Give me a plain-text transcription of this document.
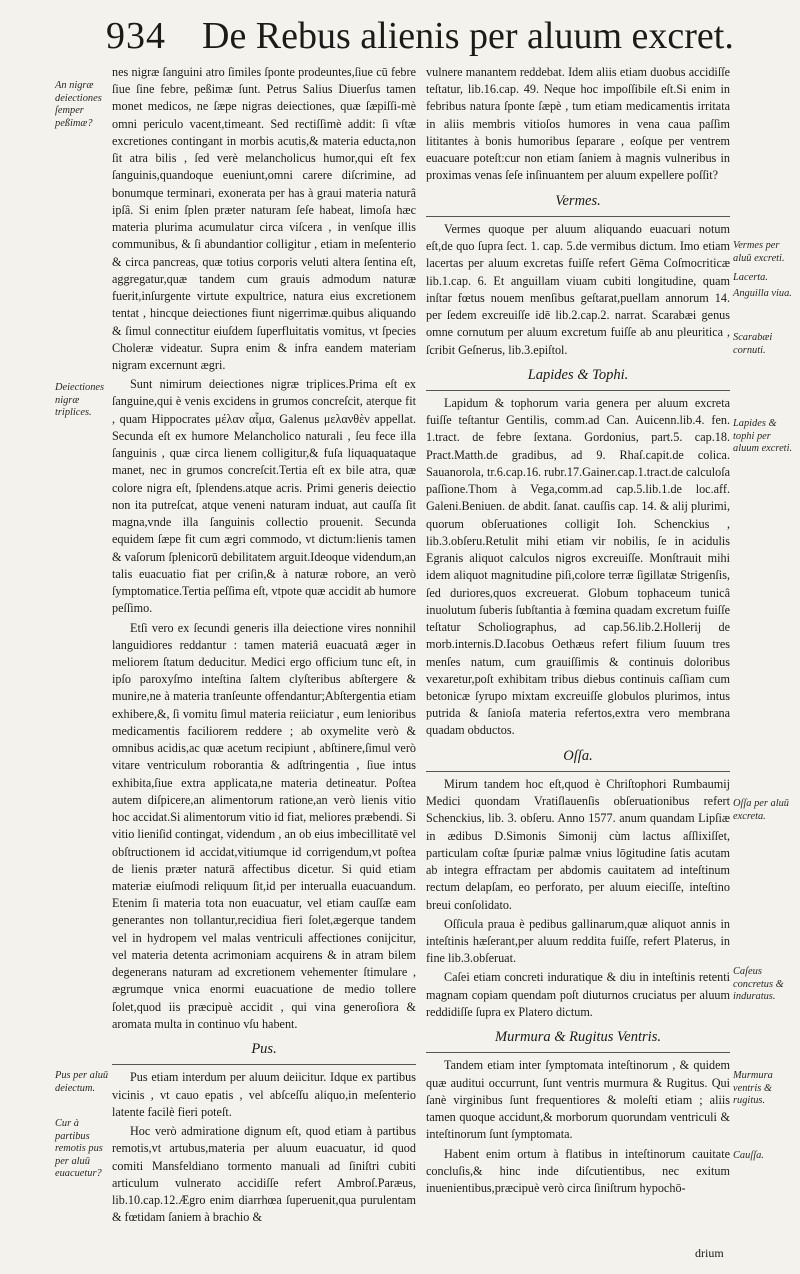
934 De Rebus alienis per aluum excret.
An nigræ deiectiones ſemper peßimæ?
Deiectiones nigræ triplices.
Pus per aluū deiectum.
Cur à partibus remotis pus per aluū euacuetur?
Vermes per aluū excreti.
Lacerta.
Anguilla viua.
Scarabæi cornuti.
Lapides & tophi per aluum excreti.
Oſſa per aluū excreta.
Caſeus concretus & induratus.
Murmura ventris & rugitus.
Cauſſa.

nes nigræ ſanguini atro ſimiles ſponte prodeuntes,ſiue cū febre ſiue ſine febre, peßimæ ſunt. Petrus Salius Diuerſus tamen monet medicos, ne ſæpe nigras deiectiones, quæ ſæpiſſi-mè omni periculo vacent,timeant. Sed rectiſſimè addit: ſi vſtæ excretiones contingant in morbis acutis,& materia educta,non ſit atra bilis , ſed verè melancholicus humor,qui eſt fex ſanguinis,quandoque eueniunt,omni carere diſcrimine, ad bonumque terminari, exonerata per has à graui materia naturâ ipſâ. Si enim ſplen præter naturam ſeſe habeat, limoſa hæc materia plurima acumulatur circa viſcera , in venſque illis communibus, & ſi abundantior colligitur , etiam in meſenterio & circa pancreas, quæ totius corporis veluti altera ſentina eſt, aggregatur,quæ tandem cum grauis admodum naturæ fuerit,inſurgente virtute expultrice, natura eius excretionem tentat , hincque deiectiones fiunt nigerrimæ.quibus aliquando & ſimul connectitur eiuſdem ſuperfluitatis vomitus, vt ſpecies Choleræ videatur. Supra enim & infra eandem materiam nigram excernunt ægri.

Sunt nimirum deiectiones nigræ triplices.Prima eſt ex ſanguine,qui è venis excidens in grumos concreſcit, aterque fit , quam Hippocrates μέλαν αἷμα, Galenus μελανθὲν appellat. Secunda eſt ex humore Melancholico naturali , ſeu fece illa ſanguinis , quæ circa lienem colligitur,& fuſa liquaquataque manet, nec in grumos concreſcit.Tertia eſt ex bile atra, quæ colore nigra eſt, ſplendens.atque acris. Primi generis deiectio non ita putreſcat, atque veneni naturam induat, aut cauſſa ſit magna,vnde illa ſanguinis collectio prouenit. Secunda equidem ſæpe fit cum ægri commodo, vt dictum:lienis tamen & vaſorum ſplenicorū debilitatem arguit.Ideoque videndum,an talis euacuatio fiat per criſin,& à naturæ robore, an verò ſymptomatice.Tertia peſſima eſt, vtpote quæ accidit ab humore peſſimo.

Etſi vero ex ſecundi generis illa deiectione vires nonnihil languidiores reddantur : tamen materiâ euacuatâ æger in meliorem ſtatum deducitur. Medici ergo officium tunc eſt, in ipſo paroxyſmo inteſtina ſaltem clyſteribus abſtergere & munire,ne à materia tranſeunte offendantur;Abſtergentia etiam exhibere,&, ſi vomitu ſimul materia reiiciatur , eum lenioribus medicamentis faciliorem reddere ; ab oxymelite verò & omnibus acidis,ac quæ acetum recipiunt , abſtinere,ſimul verò vitare ventriculum roborantia & adſtringentia , ſiue intus exhibita,ſiue extra applicata,ne materia detineatur. Poſtea autem diſpicere,an alimentorum ratione,an verò lienis vitio hoc accidat.Si alimentorum vitio id fiat, meliores præbendi. Si vitio lieniſid contingat, videndum , an ob eius imbecillitatē vel obſtructionem id accidat,vitiumque id corrigendum,vt poſtea de lienis præter naturā affectibus dicetur. Si quid etiam materiæ eiuſmodi reliquum ſit,id per interualla euacuandum. Etenim ſi materia tota non euacuatur, vel etiam cauſſæ eam generantes non tollantur,recidiua fieri ſolet,ægerque tandem vel in hydropem vel malas ventriculi affectiones conijcitur, vel materia detenta acrimoniam acquirens & in atram bilem degenerans naturam ad excretionem vehementer ſtimulare , ægrumque vnica enormi euacuatione de medio tollere ſolet,quod iis præcipuè accidit , qui vina generoſiora & aromata multa in continuo vſu habent.

Pus.

Pus etiam interdum per aluum deiicitur. Idque ex partibus vicinis , vt cauo epatis , vel abſceſſu aliquo,in meſenterio latente facilè fieri poteſt.

Hoc verò admiratione dignum eſt, quod etiam à partibus remotis,vt artubus,materia per aluum euacuatur, id quod comiti Mansfeldiano tormento manuali ad ſiniſtri cubiti articulum vulnerato accidiſſe refert Ambroſ.Paræus, lib.10.cap.12.Ægro enim diarrhœa ſuperuenit,qua purulentam & fœtidam ſaniem à brachio &

vulnere manantem reddebat. Idem aliis etiam duobus accidiſſe teſtatur, lib.16.cap. 49. Neque hoc impoſſibile eſt.Si enim in febribus natura ſponte ſæpè , tum etiam medicamentis irritata in aliis membris vitioſos humores in vena caua paſſim lititantes à bonis humoribus ſeparare , eoſque per ventrem euacuare poteſt:cur non etiam ſaniem à magnis vulneribus in proximas venas ſeſe inſinuantem per aluum expellere poſſit?

Vermes.

Vermes quoque per aluum aliquando euacuari notum eſt,de quo ſupra ſect. 1. cap. 5.de vermibus dictum. Imo etiam lacertas per aluum excretas fuiſſe refert Gēma Coſmocriticæ lib.1.cap. 6. Et anguillam viuam cubiti longitudine, quam inſtar fœtus nouem menſibus geſtarat,puellam annorum 14. per ſedem excreuiſſe idē lib.2.cap.2. narrat. Scarabæi genus omne cornutum per aluum excretum fuiſſe ab anu pleuritica , ſcribit Geſnerus, lib.3.epiſtol.

Lapides & Tophi.

Lapidum & tophorum varia genera per aluum excreta fuiſſe teſtantur Gentilis, comm.ad Can. Auicenn.lib.4. fen. 1.tract. de febre ſextana. Gordonius, part.5. cap.18. Pract.Matth.de gradibus, ad 9. Rhaſ.capit.de colica. Sauanorola, tr.6.cap.16. rubr.17.Gainer.cap.1.tract.de calculoſa paſſione.Thom à Vega,comm.ad cap.5.lib.1.de loc.aff. Galeni.Beniuen. de abdit. ſanat. cauſſis cap. 14. & alij plurimi, quorum obſeruationes colligit Ioh. Schenckius , lib.3.obſeru.Retulit mihi etiam vir nobilis, ſe in acidulis Egranis aliquot calculos nigros excreuiſſe. Monſtrauit mihi idem aliquot magnitudine piſi,colore terræ ſigillatæ Strigenſis, ſed duriores,quos excreuerat. Globum tophaceum tunicâ inuolutum ſuberis ſubſtantia à fœmina quadam excretum fuiſſe teſtatur Scholiographus, ad cap.56.lib.2.Hollerij de morb.internis.D.Iacobus Oethæus refert filium ſuuum tres menſes natum, cum grauiſſimis & continuis doloribus vexaretur,poſt exhibitam tribus diebus continuis caſſiam cum betonicæ ſyrupo mixtam excreuiſſe globulos plurimos, intus putrida & ſanioſa materia refertos,extra vero membrana quadam obductos.

Oſſa.

Mirum tandem hoc eſt,quod è Chriſtophori Rumbaumij Medici quondam Vratiſlauenſis obſeruationibus refert Schenckius, lib. 3. obſeru. Anno 1577. anum quandam Lipſiæ in ædibus D.Simonis Simonij cùm lactus aſſlixiſſet, particulam coſtæ ſpuriæ palmæ vnius lōgitudine ſatis acutam ab integra effractam per abdomis cauitatem ad inteſtinum rectum delapſam, eo perforato, per aluum eieciſſe, inteſtino breui conſolidato.

Oſſicula praua è pedibus gallinarum,quæ aliquot annis in inteſtinis hæſerant,per aluum reddita fuiſſe, refert Platerus, in fine lib.3.obſeruat.

Caſei etiam concreti induratique & diu in inteſtinis retenti magnam copiam quendam poſt diuturnos cruciatus per aluum reddidiſſe ſupra ex Platero dictum.

Murmura & Rugitus Ventris.

Tandem etiam inter ſymptomata inteſtinorum , & quidem quæ auditui occurrunt, ſunt ventris murmura & Rugitus. Qui ſanè virginibus ſunt frequentiores & moleſti etiam ; aliis tamen quoque accidunt,& morborum quorundam ventriculi & inteſtinorum ſunt ſymptomata.

Habent enim ortum à flatibus in inteſtinorum cauitate concluſis,& hinc inde diſcutientibus, nec exitum inuenientibus,præcipuè verò circa ſiniſtrum hypochō-

drium
